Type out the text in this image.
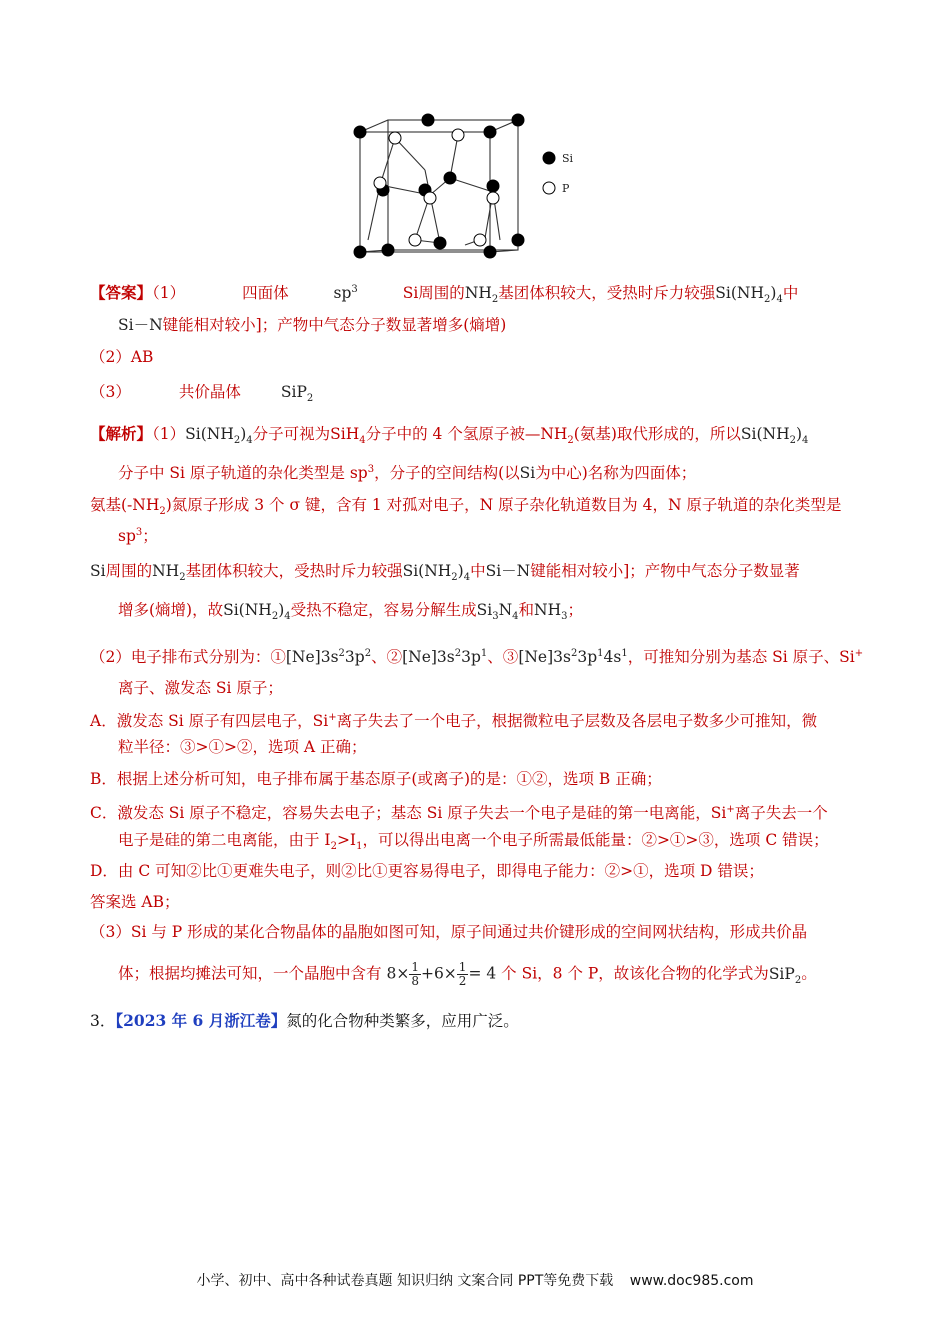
Si
P
【答案】（1）	四面体	$sp^3$	Si周围的$NH_2$基团体积较大，受热时斥力较强$Si(NH_2)_4$中
Si－N键能相对较小]；产物中气态分子数显著增多(熵增)
（2）AB
（3）	共价晶体	SiP$_2$
【解析】$(1)Si(NH_2)_4$分子可视为SiH$_4$分子中的 4 个氢原子被$—NH_2$(氨基)取代形成的，所以$Si(NH_2)_4$
分子中 Si 原子轨道的杂化类型是 $sp^3$，分子的空间结构(以Si为中心)名称为四面体；
氨基$(-NH_2)$氮原子形成 3 个 σ 键，含有 1 对孤对电子，N 原子杂化轨道数目为 4，N 原子轨道的杂化类型是
$sp^3$；
Si周围的$NH_2$基团体积较大，受热时斥力较强$Si(NH_2)_4$中Si－N键能相对较小]；产物中气态分子数显著
增多(熵增)，故$Si(NH_2)_4$受热不稳定，容易分解生成$Si_3N_4$和$NH_3$；
（2）电子排布式分别为：$①[Ne]3s^23p^2$、$②[Ne]3s^23p^1$、$③[Ne]3s^23p^14s^1$，可推知分别为基态 Si 原子、Si+
离子、激发态 Si 原子；
A．激发态 Si 原子有四层电子，Si+离子失去了一个电子，根据微粒电子层数及各层电子数多少可推知，微
粒半径：③>①>②，选项 A 正确；
B．根据上述分析可知，电子排布属于基态原子(或离子)的是：①②，选项 B 正确；
C．激发态 Si 原子不稳定，容易失去电子；基态 Si 原子失去一个电子是硅的第一电离能，Si+离子失去一个
电子是硅的第二电离能，由于 $I_2>I_1$，可以得出电离一个电子所需最低能量：②>①>③，选项 C 错误；
D．由 C 可知②比①更难失电子，则②比①更容易得电子，即得电子能力：②>①，选项 D 错误；
答案选 AB；
（3）Si 与 P 形成的某化合物晶体的晶胞如图可知，原子间通过共价键形成的空间网状结构，形成共价晶
体；根据均摊法可知，一个晶胞中含有 $8\times \frac{1}{8} +6\times \frac{1}{2} = 4$ 个 Si，8 个 P，故该化合物的化学式为SiP$_2$。
3．【2023 年 6 月浙江卷】氮的化合物种类繁多，应用广泛。
小学、初中、高中各种试卷真题 知识归纳 文案合同 PPT等免费下载 www.doc985.com
